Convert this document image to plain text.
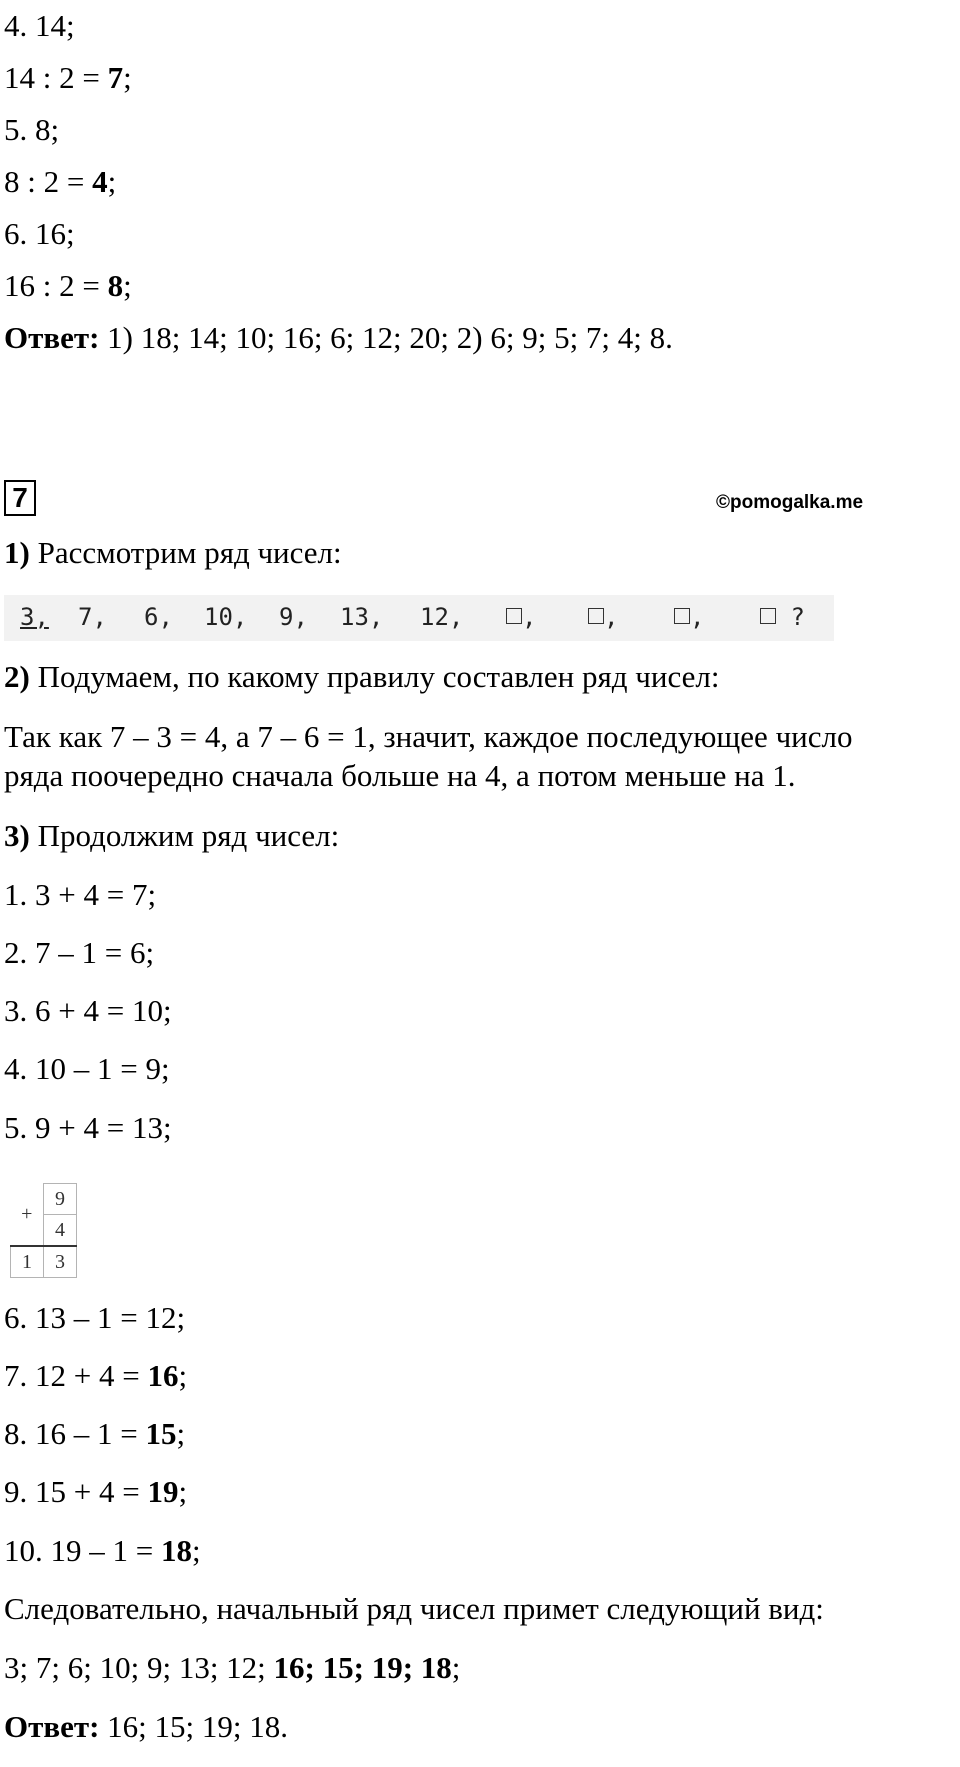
4. 14;
14 : 2 = 7;
5. 8;
8 : 2 = 4;
6. 16;
16 : 2 = 8;
Ответ: 1) 18; 14; 10; 16; 6; 12; 20; 2) 6; 9; 5; 7; 4; 8.
7	©pomogalka.me
1) Рассмотрим ряд чисел:
3, 7, 6, 10, 9, 13, 12,	,	,	,	?
2) Подумаем, по какому правилу составлен ряд чисел:
Так как 7 – 3 = 4, а 7 – 6 = 1, значит, каждое последующее число
ряда поочередно сначала больше на 4, а потом меньше на 1.
3) Продолжим ряд чисел:
1. 3 + 4 = 7;
2. 7 – 1 = 6;
3. 6 + 4 = 10;
4. 10 – 1 = 9;
5. 9 + 4 = 13;
+	9
	4
1	3
6. 13 – 1 = 12;
7. 12 + 4 = 16;
8. 16 – 1 = 15;
9. 15 + 4 = 19;
10. 19 – 1 = 18;
Следовательно, начальный ряд чисел примет следующий вид:
3; 7; 6; 10; 9; 13; 12; 16; 15; 19; 18;
Ответ: 16; 15; 19; 18.
